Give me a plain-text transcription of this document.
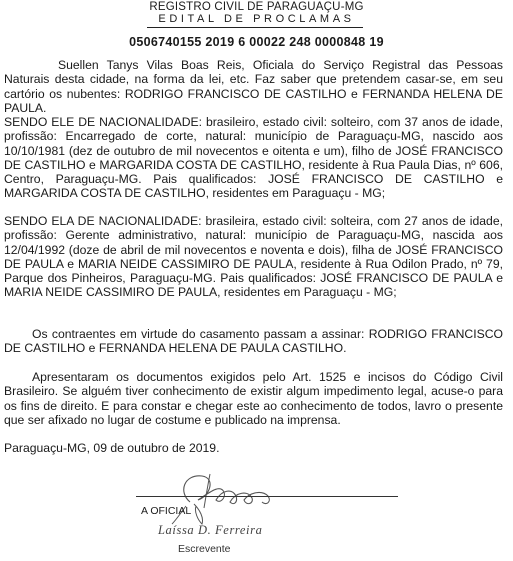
REGISTRO CIVIL DE PARAGUAÇU-MG
EDITAL DE PROCLAMAS
0506740155 2019 6 00022 248 0000848 19

Suellen Tanys Vilas Boas Reis, Oficiala do Serviço Registral das Pessoas Naturais desta cidade, na forma da lei, etc. Faz saber que pretendem casar-se, em seu cartório os nubentes: RODRIGO FRANCISCO DE CASTILHO e FERNANDA HELENA DE PAULA.

SENDO ELE DE NACIONALIDADE: brasileiro, estado civil: solteiro, com 37 anos de idade, profissão: Encarregado de corte, natural: município de Paraguaçu-MG, nascido aos 10/10/1981 (dez de outubro de mil novecentos e oitenta e um), filho de JOSÉ FRANCISCO DE CASTILHO e MARGARIDA COSTA DE CASTILHO, residente à Rua Paula Dias, nº 606, Centro, Paraguaçu-MG. Pais qualificados: JOSÉ FRANCISCO DE CASTILHO e MARGARIDA COSTA DE CASTILHO, residentes em Paraguaçu - MG;

SENDO ELA DE NACIONALIDADE: brasileira, estado civil: solteira, com 27 anos de idade, profissão: Gerente administrativo, natural: município de Paraguaçu-MG, nascida aos 12/04/1992 (doze de abril de mil novecentos e noventa e dois), filha de JOSÉ FRANCISCO DE PAULA e MARIA NEIDE CASSIMIRO DE PAULA, residente à Rua Odilon Prado, nº 79, Parque dos Pinheiros, Paraguaçu-MG. Pais qualificados: JOSÉ FRANCISCO DE PAULA e MARIA NEIDE CASSIMIRO DE PAULA, residentes em Paraguaçu - MG;

Os contraentes em virtude do casamento passam a assinar: RODRIGO FRANCISCO DE CASTILHO e FERNANDA HELENA DE PAULA CASTILHO.

Apresentaram os documentos exigidos pelo Art. 1525 e incisos do Código Civil Brasileiro. Se alguém tiver conhecimento de existir algum impedimento legal, acuse-o para os fins de direito. E para constar e chegar este ao conhecimento de todos, lavro o presente que ser afixado no lugar de costume e publicado na imprensa.

Paraguaçu-MG, 09 de outubro de 2019.

A OFICIAL
Laíssa D. Ferreira
Escrevente
